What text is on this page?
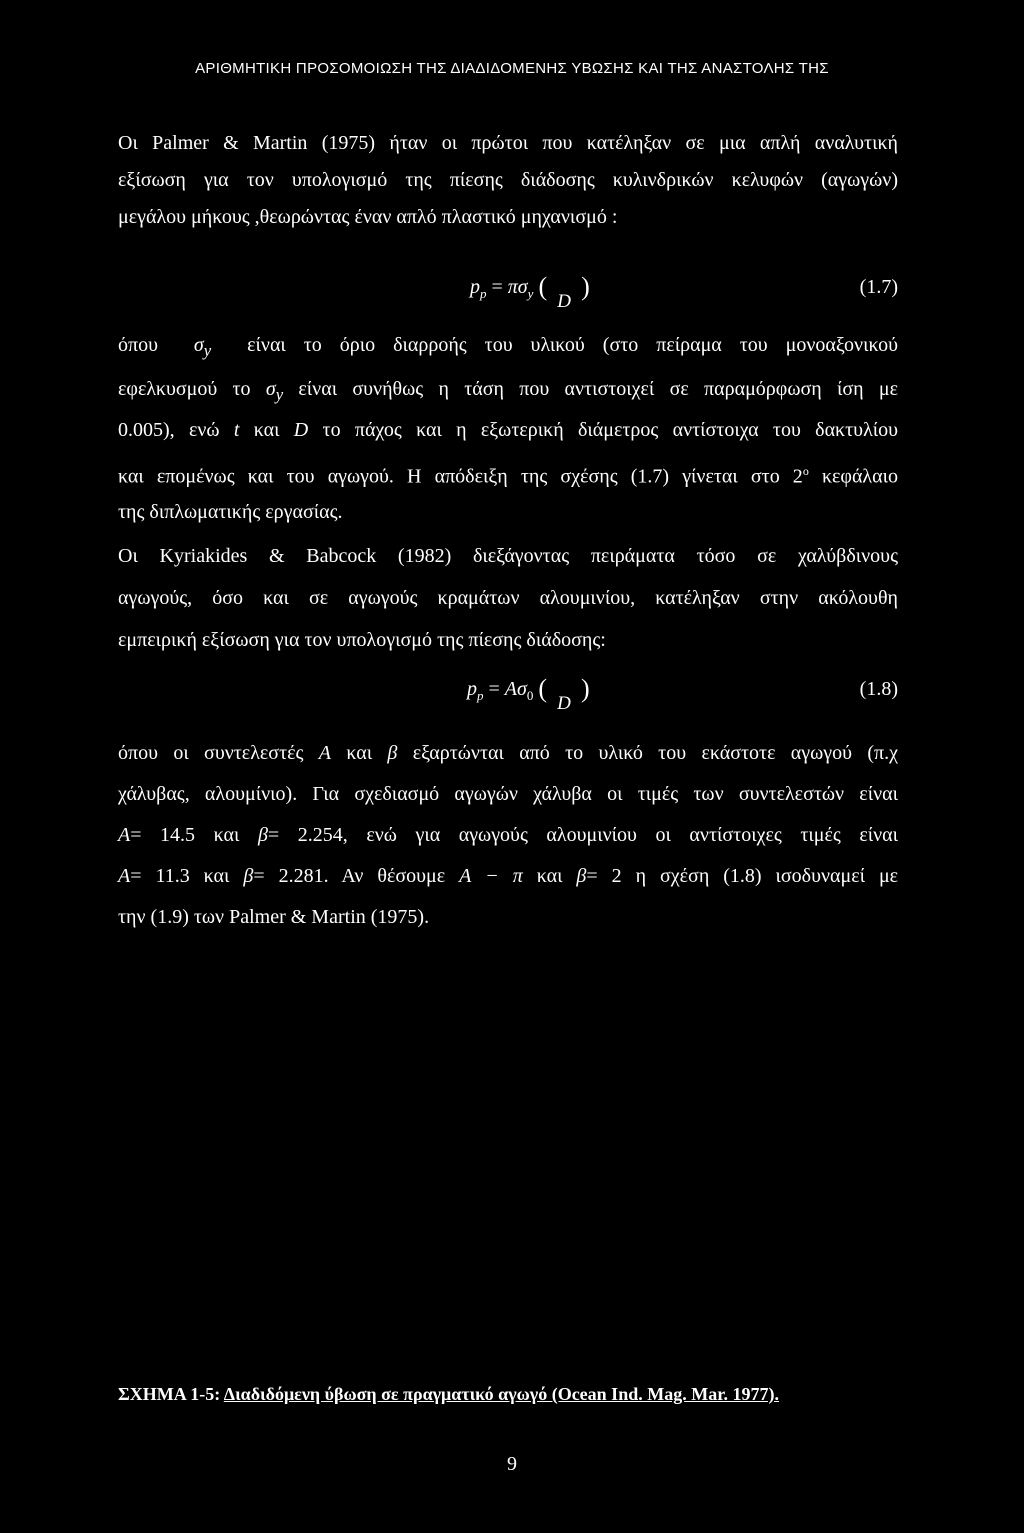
ΑΡΙΘΜΗΤΙΚΗ ΠΡΟΣΟΜΟΙΩΣΗ ΤΗΣ ΔΙΑΔΙΔΟΜΕΝΗΣ ΥΒΩΣΗΣ ΚΑΙ ΤΗΣ ΑΝΑΣΤΟΛΗΣ ΤΗΣ
Οι Palmer & Martin (1975) ήταν οι πρώτοι που κατέληξαν σε μια απλή αναλυτική
εξίσωση για τον υπολογισμό της πίεσης διάδοσης κυλινδρικών κελυφών (αγωγών)
μεγάλου μήκους ,θεωρώντας έναν απλό πλαστικό μηχανισμό :
$p_p = \pi\sigma_y$ (D)	(1.7)
όπου $\sigma_y$ είναι το όριο διαρροής του υλικού (στο πείραμα του μονοαξονικού
εφελκυσμού το $\sigma_y$ είναι συνήθως η τάση που αντιστοιχεί σε παραμόρφωση ίση με
0.005), ενώ t και D το πάχος και η εξωτερική διάμετρος αντίστοιχα του δακτυλίου
και επομένως και του αγωγού. Η απόδειξη της σχέσης (1.7) γίνεται στο $2^o$ κεφάλαιο
της διπλωματικής εργασίας.
Οι Kyriakides & Babcock (1982) διεξάγοντας πειράματα τόσο σε χαλύβδινους
αγωγούς, όσο και σε αγωγούς κραμάτων αλουμινίου, κατέληξαν στην ακόλουθη
εμπειρική εξίσωση για τον υπολογισμό της πίεσης διάδοσης:
$p_p = A\sigma_0$ (D)	(1.8)
όπου οι συντελεστές A και β εξαρτώνται από το υλικό του εκάστοτε αγωγού (π.χ
χάλυβας, αλουμίνιο). Για σχεδιασμό αγωγών χάλυβα οι τιμές των συντελεστών είναι
A= 14.5 και β= 2.254, ενώ για αγωγούς αλουμινίου οι αντίστοιχες τιμές είναι
A= 11.3 και β= 2.281. Αν θέσουμε A − π και β= 2 η σχέση (1.8) ισοδυναμεί με
την (1.9) των Palmer & Martin (1975).
ΣΧΗΜΑ 1-5: Διαδιδόμενη ύβωση σε πραγματικό αγωγό (Ocean Ind. Mag. Mar. 1977).
9
